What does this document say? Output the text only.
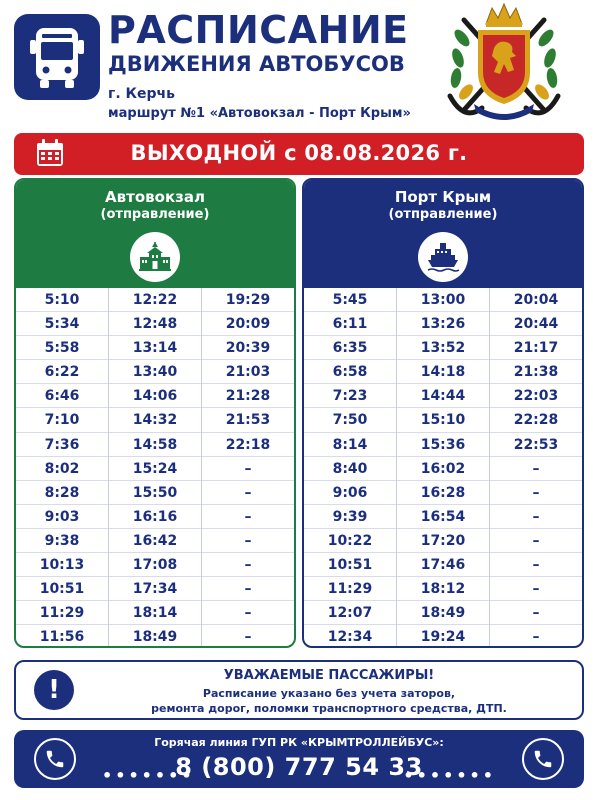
РАСПИСАНИЕ
ДВИЖЕНИЯ АВТОБУСОВ
г. Керчь
маршрут №1 «Автовокзал - Порт Крым»
ВЫХОДНОЙ с 08.08.2026 г.
Автовокзал
(отправление)
5:10
5:34
5:58
6:22
6:46
7:10
7:36
8:02
8:28
9:03
9:38
10:13
10:51
11:29
11:56
12:22
12:48
13:14
13:40
14:06
14:32
14:58
15:24
15:50
16:16
16:42
17:08
17:34
18:14
18:49
19:29
20:09
20:39
21:03
21:28
21:53
22:18
–
–
–
–
–
–
–
–
Порт Крым
(отправление)
5:45
6:11
6:35
6:58
7:23
7:50
8:14
8:40
9:06
9:39
10:22
10:51
11:29
12:07
12:34
13:00
13:26
13:52
14:18
14:44
15:10
15:36
16:02
16:28
16:54
17:20
17:46
18:12
18:49
19:24
20:04
20:44
21:17
21:38
22:03
22:28
22:53
–
–
–
–
–
–
–
–
!	УВАЖАЕМЫЕ ПАССАЖИРЫ!
Расписание указано без учета заторов,
ремонта дорог, поломки транспортного средства, ДТП.
•••••••
Горячая линия ГУП РК «КРЫМТРОЛЛЕЙБУС»:
8 (800) 777 54 33
•••••••
